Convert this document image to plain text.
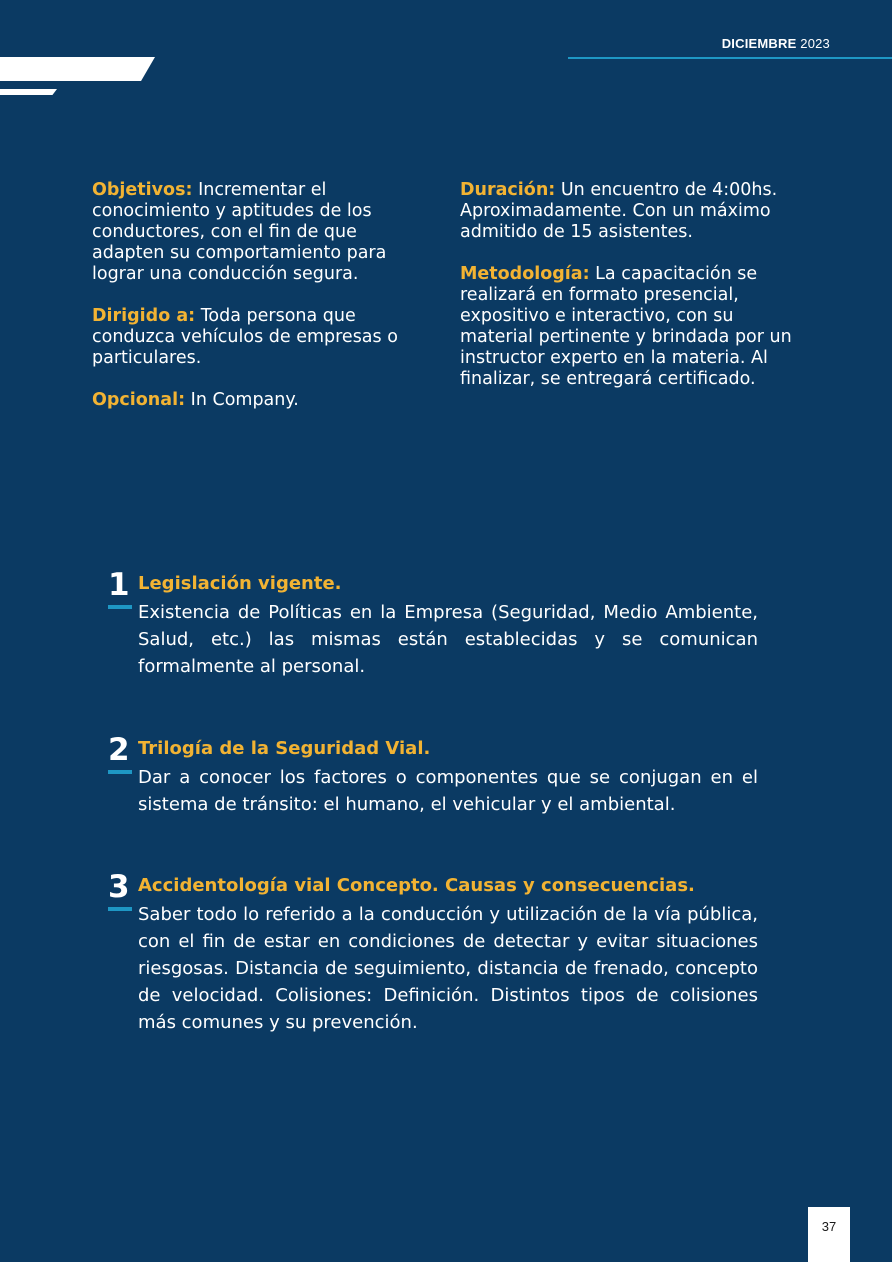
DICIEMBRE 2023

Objetivos: Incrementar el conocimiento y aptitudes de los conductores, con el fin de que adapten su comportamiento para lograr una conducción segura.

Dirigido a: Toda persona que conduzca vehículos de empresas o particulares.

Opcional: In Company.

Duración: Un encuentro de 4:00hs. Aproximadamente. Con un máximo admitido de 15 asistentes.

Metodología: La capacitación se realizará en formato presencial, expositivo e interactivo, con su material pertinente y brindada por un instructor experto en la materia. Al finalizar, se entregará certificado.

1 Legislación vigente.

Existencia de Políticas en la Empresa (Seguridad, Medio Ambiente, Salud, etc.) las mismas están establecidas y se comunican formalmente al personal.

2 Trilogía de la Seguridad Vial.

Dar a conocer los factores o componentes que se conjugan en el sistema de tránsito: el humano, el vehicular y el ambiental.

3 Accidentología vial Concepto. Causas y consecuencias.

Saber todo lo referido a la conducción y utilización de la vía pública, con el fin de estar en condiciones de detectar y evitar situaciones riesgosas. Distancia de seguimiento, distancia de frenado, concepto de velocidad. Colisiones: Definición. Distintos tipos de colisiones más comunes y su prevención.

37
